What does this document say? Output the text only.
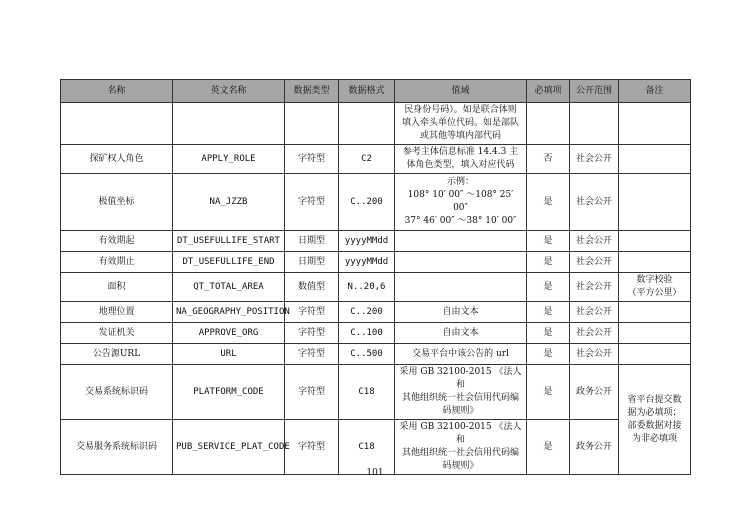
名称	英文名称	数据类型	数据格式	值域	必填项	公开范围	备注
				民身份号码）。如是联合体则
填入牵头单位代码。如是部队
或其他等填内部代码			
探矿权人角色	APPLY_ROLE	字符型	C2	参考主体信息标准 14.4.3 主
体角色类型，填入对应代码	否	社会公开	
极值坐标	NA_JZZB	字符型	C..200	示例：
108° 10′ 00″ ～108° 25′
00″
37° 46′ 00″ ～38° 10′ 00″	是	社会公开	
有效期起	DT_USEFULLIFE_START	日期型	yyyyMMdd		是	社会公开	
有效期止	DT_USEFULLIFE_END	日期型	yyyyMMdd		是	社会公开	
面积	QT_TOTAL_AREA	数值型	N..20,6		是	社会公开	数字校验
（平方公里）
地理位置	NA_GEOGRAPHY_POSITION	字符型	C..200	自由文本	是	社会公开	
发证机关	APPROVE_ORG	字符型	C..100	自由文本	是	社会公开	
公告源URL	URL	字符型	C..500	交易平台中该公告的 url	是	社会公开	
交易系统标识码	PLATFORM_CODE	字符型	C18	采用 GB 32100-2015 《法人和
其他组织统一社会信用代码编
码规则》	是	政务公开	省平台提交数
据为必填项；
部委数据对接
为非必填项
交易服务系统标识码	PUB_SERVICE_PLAT_CODE	字符型	C18	采用 GB 32100-2015 《法人和
其他组织统一社会信用代码编
码规则》	是	政务公开	
101
